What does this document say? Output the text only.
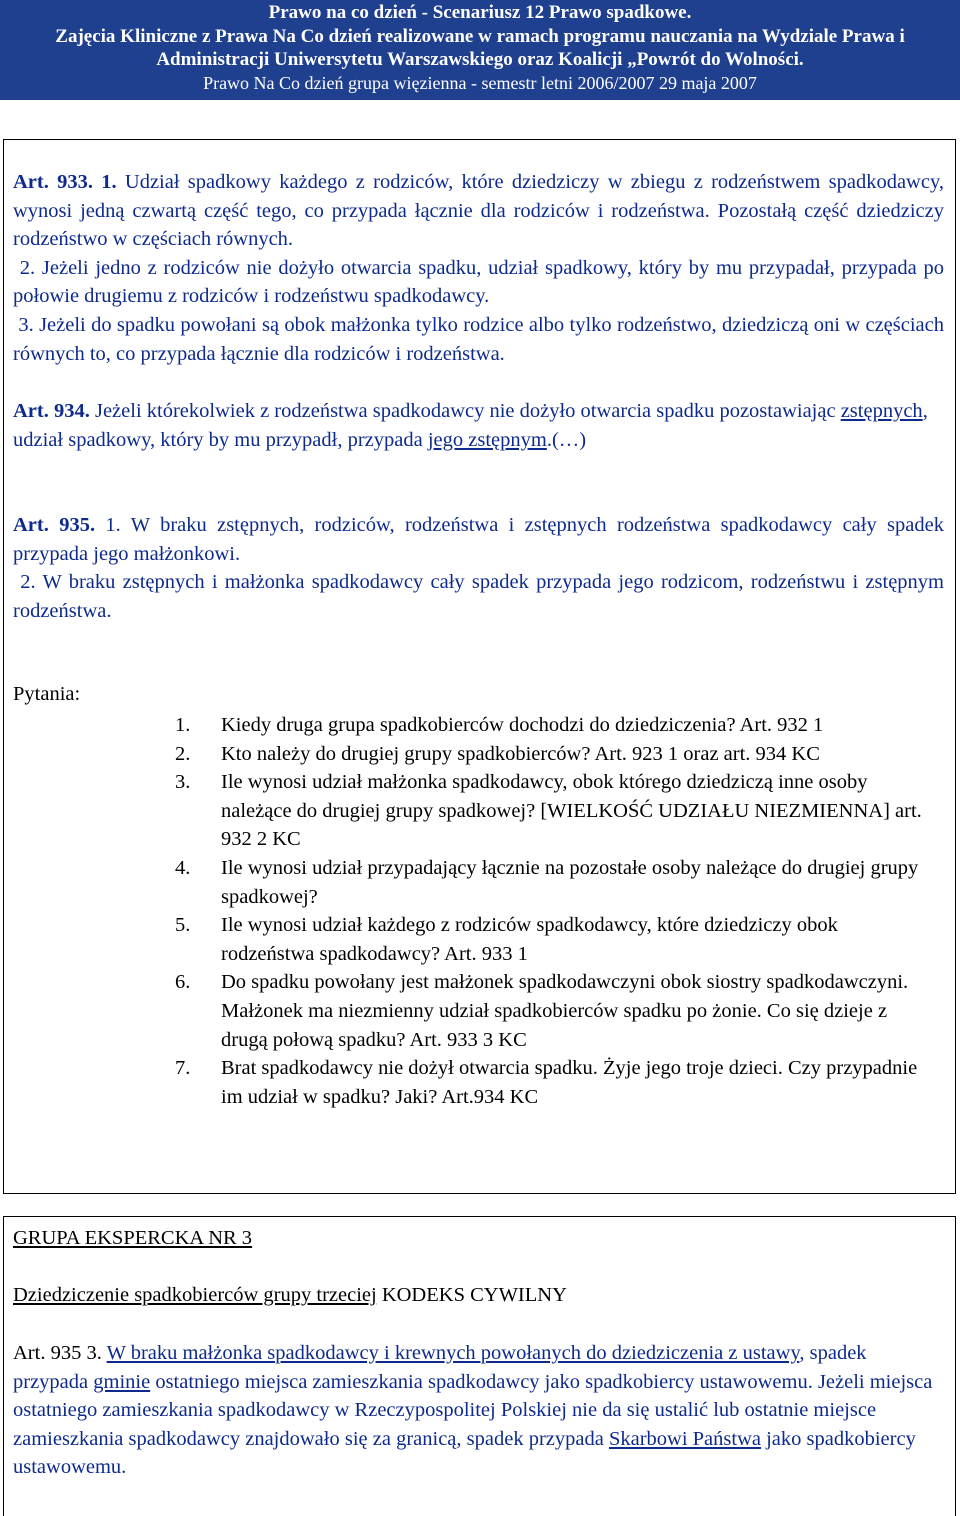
Prawo na co dzień - Scenariusz 12 Prawo spadkowe.
Zajęcia Kliniczne z Prawa Na Co dzień realizowane w ramach programu nauczania na Wydziale Prawa i
Administracji Uniwersytetu Warszawskiego oraz Koalicji „Powrót do Wolności.
Prawo Na Co dzień grupa więzienna - semestr letni 2006/2007 29 maja 2007
Art. 933. 1. Udział spadkowy każdego z rodziców, które dziedziczy w zbiegu z rodzeństwem spadkodawcy, wynosi jedną czwartą część tego, co przypada łącznie dla rodziców i rodzeństwa. Pozostałą część dziedziczy rodzeństwo w częściach równych.
2. Jeżeli jedno z rodziców nie dożyło otwarcia spadku, udział spadkowy, który by mu przypadał, przypada po połowie drugiemu z rodziców i rodzeństwu spadkodawcy.
3. Jeżeli do spadku powołani są obok małżonka tylko rodzice albo tylko rodzeństwo, dziedziczą oni w częściach równych to, co przypada łącznie dla rodziców i rodzeństwa.
Art. 934. Jeżeli którekolwiek z rodzeństwa spadkodawcy nie dożyło otwarcia spadku pozostawiając zstępnych, udział spadkowy, który by mu przypadł, przypada jego zstępnym.(…)
Art. 935. 1. W braku zstępnych, rodziców, rodzeństwa i zstępnych rodzeństwa spadkodawcy cały spadek przypada jego małżonkowi.
2. W braku zstępnych i małżonka spadkodawcy cały spadek przypada jego rodzicom, rodzeństwu i zstępnym rodzeństwa.
Pytania:
1.	Kiedy druga grupa spadkobierców dochodzi do dziedziczenia? Art. 932 1
2.	Kto należy do drugiej grupy spadkobierców? Art. 923 1 oraz art. 934 KC
3.	Ile wynosi udział małżonka spadkodawcy, obok którego dziedziczą inne osoby należące do drugiej grupy spadkowej? [WIELKOŚĆ UDZIAŁU NIEZMIENNA] art. 932 2 KC
4.	Ile wynosi udział przypadający łącznie na pozostałe osoby należące do drugiej grupy spadkowej?
5.	Ile wynosi udział każdego z rodziców spadkodawcy, które dziedziczy obok rodzeństwa spadkodawcy? Art. 933 1
6.	Do spadku powołany jest małżonek spadkodawczyni obok siostry spadkodawczyni. Małżonek ma niezmienny udział spadkobierców spadku po żonie. Co się dzieje z drugą połową spadku? Art. 933 3 KC
7.	Brat spadkodawcy nie dożył otwarcia spadku. Żyje jego troje dzieci. Czy przypadnie im udział w spadku? Jaki? Art.934 KC
GRUPA EKSPERCKA NR 3
Dziedziczenie spadkobierców grupy trzeciej KODEKS CYWILNY
Art. 935 3. W braku małżonka spadkodawcy i krewnych powołanych do dziedziczenia z ustawy, spadek przypada gminie ostatniego miejsca zamieszkania spadkodawcy jako spadkobiercy ustawowemu. Jeżeli miejsca ostatniego zamieszkania spadkodawcy w Rzeczypospolitej Polskiej nie da się ustalić lub ostatnie miejsce zamieszkania spadkodawcy znajdowało się za granicą, spadek przypada Skarbowi Państwa jako spadkobiercy ustawowemu.
